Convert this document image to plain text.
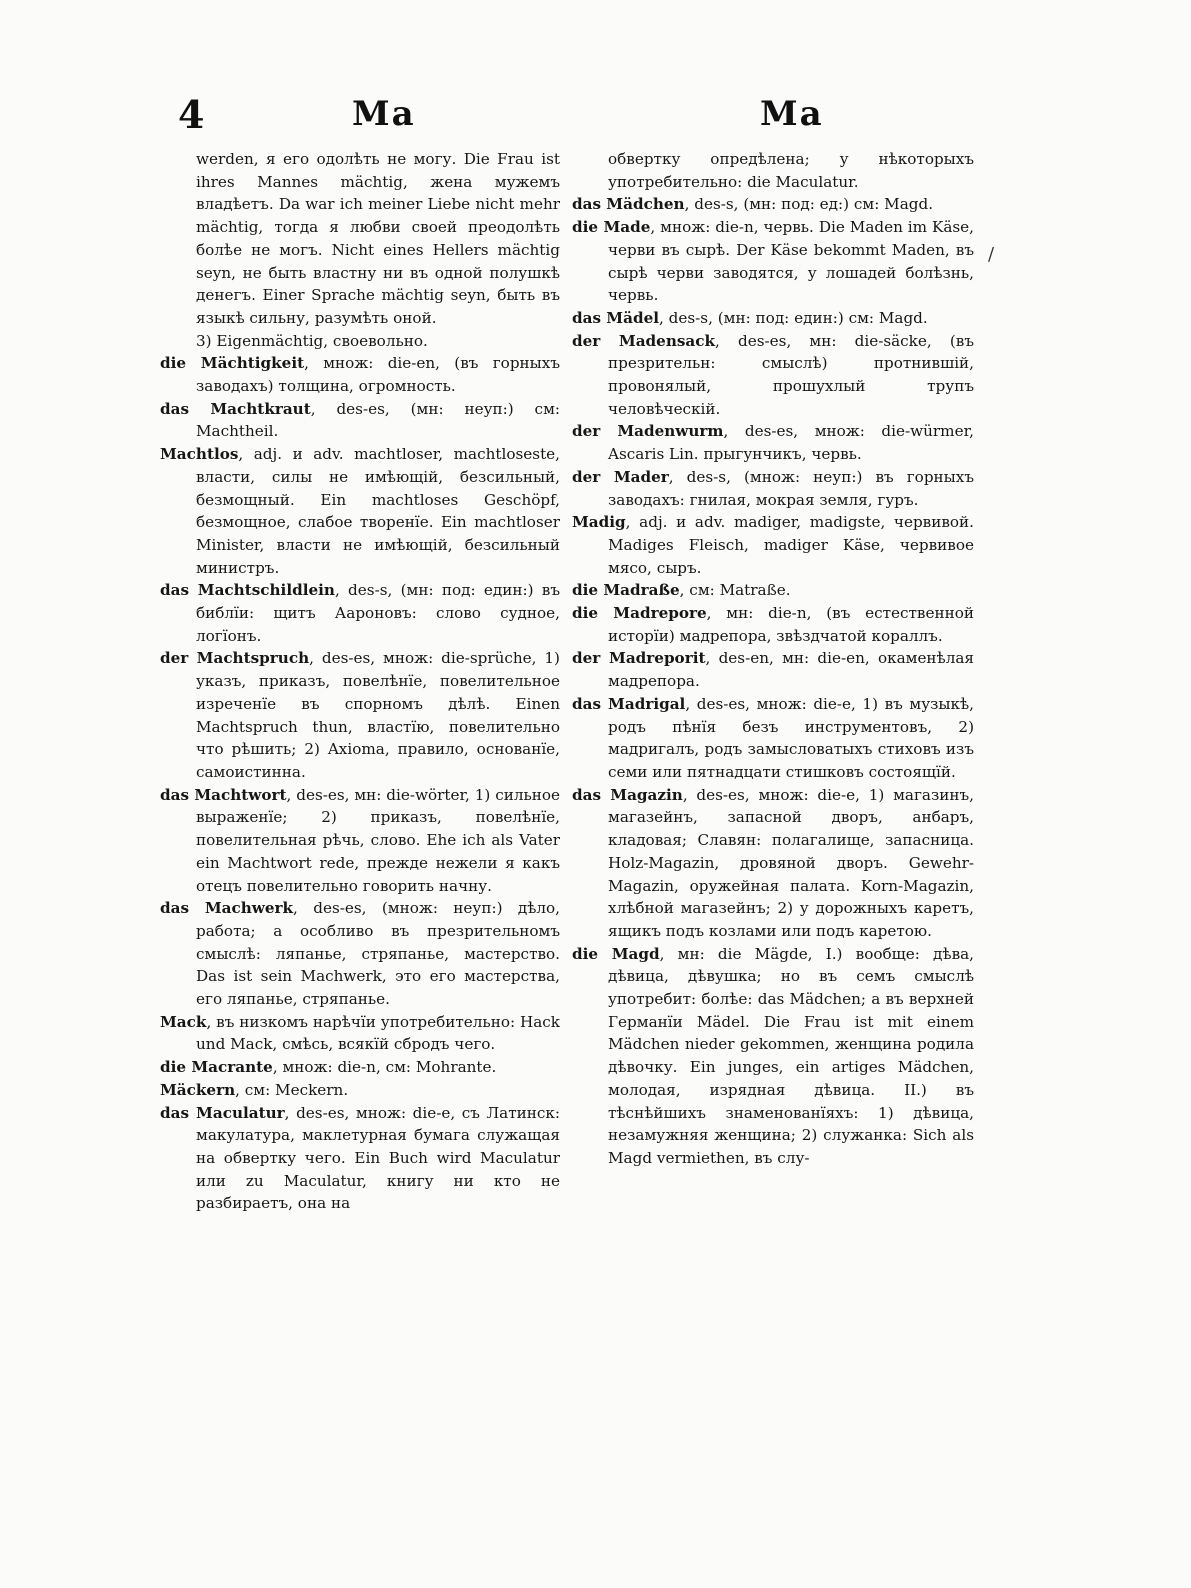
4	Ma	Ma

werden, я его одолѣть не могу. Die Frau ist ihres Mannes mächtig, жена мужемъ владѣетъ. Da war ich meiner Liebe nicht mehr mächtig, тогда я любви своей преодолѣть болѣе не могъ. Nicht eines Hellers mächtig seyn, не быть властну ни въ одной полушкѣ денегъ. Einer Sprache mächtig seyn, быть въ языкѣ сильну, разумѣть оной.

3) Eigenmächtig, своевольно.

die Mächtigkeit, множ: die-en, (въ горныхъ заводахъ) толщина, огромность.

das Machtkraut, des-es, (мн: неуп:) см: Machtheil.

Machtlos, adj. и adv. machtloser, machtloseste, власти, силы не имѣющій, безсильный, безмощный. Ein machtloses Geschöpf, безмощное, слабое творенїе. Ein machtloser Minister, власти не имѣющій, безсильный министръ.

das Machtschildlein, des-s, (мн: под: един:) въ библїи: щитъ Аароновъ: слово судное, логїонъ.

der Machtspruch, des-es, множ: die-sprüche, 1) указъ, приказъ, повелѣнїе, повелительное изреченїе въ спорномъ дѣлѣ. Einen Machtspruch thun, властїю, повелительно что рѣшить; 2) Axioma, правило, основанїе, самоистинна.

das Machtwort, des-es, мн: die-wörter, 1) сильное выраженїе; 2) приказъ, повелѣнїе, повелительная рѣчь, слово. Ehe ich als Vater ein Machtwort rede, прежде нежели я какъ отецъ повелительно говорить начну.

das Machwerk, des-es, (множ: неуп:) дѣло, работа; а особливо въ презрительномъ смыслѣ: ляпанье, стряпанье, мастерство. Das ist sein Machwerk, это его мастерства, его ляпанье, стряпанье.

Mack, въ низкомъ нарѣчїи употребительно: Hack und Mack, смѣсь, всякїй сбродъ чего.

die Macrante, множ: die-n, см: Mohrante.

Mäckern, см: Meckern.

das Maculatur, des-es, множ: die-e, съ Латинск: макулатура, маклетурная бумага служащая на обвертку чего. Ein Buch wird Maculatur или zu Maculatur, книгу ни кто не разбираетъ, она на

обвертку опредѣлена; у нѣкоторыхъ употребительно: die Maculatur.

das Mädchen, des-s, (мн: под: ед:) см: Magd.

die Made, множ: die-n, червь. Die Maden im Käse, черви въ сырѣ. Der Käse bekommt Maden, въ сырѣ черви заводятся, у лошадей болѣзнь, червь.

das Mädel, des-s, (мн: под: един:) см: Magd.

der Madensack, des-es, мн: die-säcke, (въ презрительн: смыслѣ) протнившій, провонялый, прошухлый трупъ человѣческій.

der Madenwurm, des-es, множ: die-würmer, Ascaris Lin. прыгунчикъ, червь.

der Mader, des-s, (множ: неуп:) въ горныхъ заводахъ: гнилая, мокрая земля, гуръ.

Madig, adj. и adv. madiger, madigste, червивой. Madiges Fleisch, madiger Käse, червивое мясо, сыръ.

die Madraße, см: Matraße.

die Madrepore, мн: die-n, (въ естественной исторїи) мадрепора, звѣздчатой кораллъ.

der Madreporit, des-en, мн: die-en, окаменѣлая мадрепора.

das Madrigal, des-es, множ: die-e, 1) въ музыкѣ, родъ пѣнїя безъ инструментовъ, 2) мадригалъ, родъ замысловатыхъ стиховъ изъ семи или пятнадцати стишковъ состоящїй.

das Magazin, des-es, множ: die-e, 1) магазинъ, магазейнъ, запасной дворъ, анбаръ, кладовая; Славян: полагалище, запасница. Holz-Magazin, дровяной дворъ. Gewehr-Magazin, оружейная палата. Korn-Magazin, хлѣбной магазейнъ; 2) у дорожныхъ каретъ, ящикъ подъ козлами или подъ каретою.

die Magd, мн: die Mägde, I.) вообще: дѣва, дѣвица, дѣвушка; но въ семъ смыслѣ употребит: болѣе: das Mädchen; а въ верхней Германїи Mädel. Die Frau ist mit einem Mädchen nieder gekommen, женщина родила дѣвочку. Ein junges, ein artiges Mädchen, молодая, изрядная дѣвица. II.) въ тѣснѣйшихъ знаменованїяхъ: 1) дѣвица, незамужняя женщина; 2) служанка: Sich als Magd vermiethen, въ слу-

/
